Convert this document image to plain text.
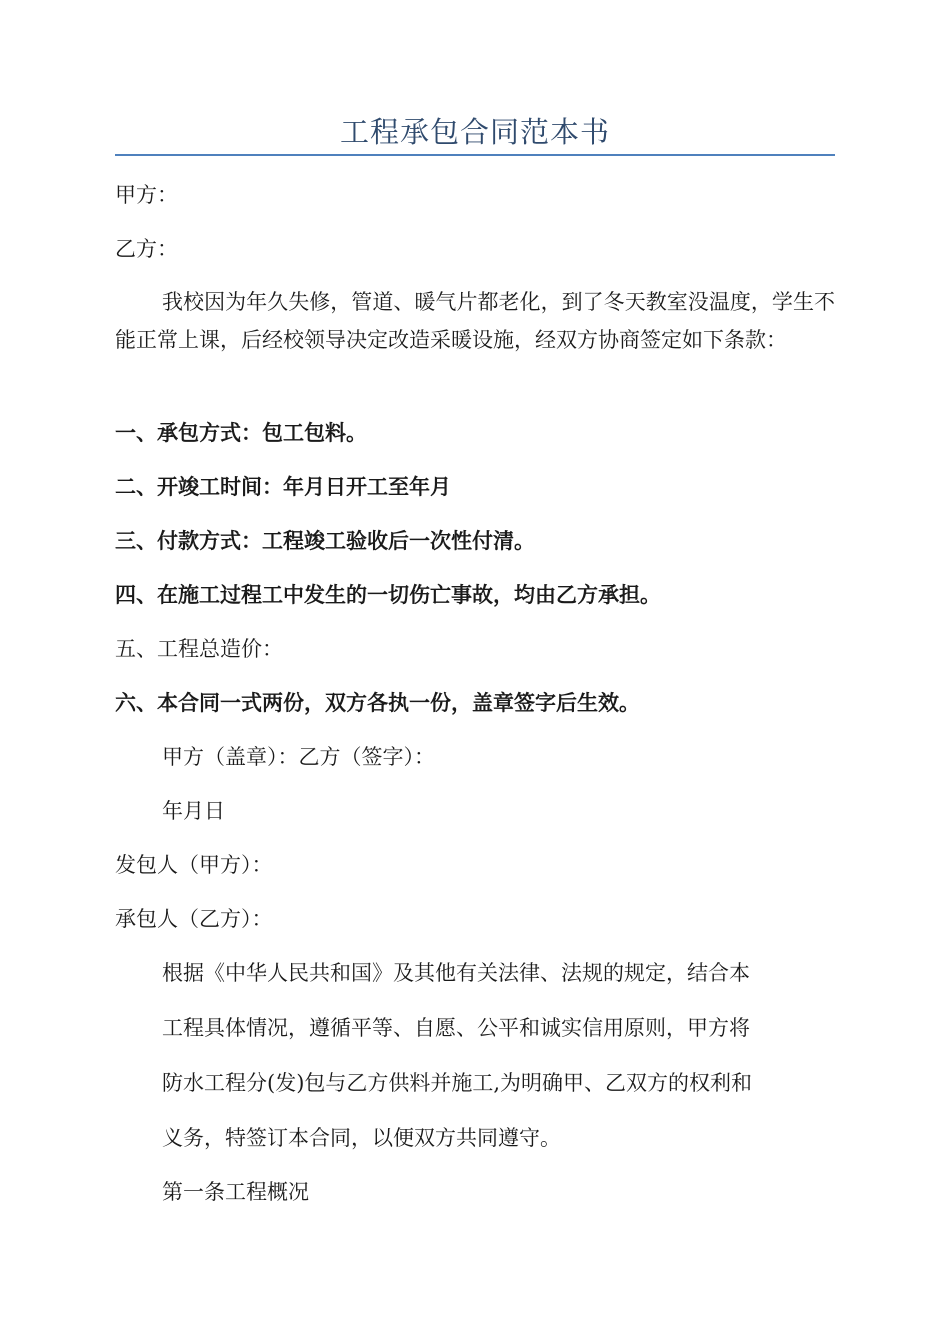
工程承包合同范本书
甲方：
乙方：
我校因为年久失修，管道、暖气片都老化，到了冬天教室没温度，学生不能正常上课，后经校领导决定改造采暖设施，经双方协商签定如下条款：
一、承包方式：包工包料。
二、开竣工时间：年月日开工至年月
三、付款方式：工程竣工验收后一次性付清。
四、在施工过程工中发生的一切伤亡事故，均由乙方承担。
五、工程总造价：
六、本合同一式两份，双方各执一份，盖章签字后生效。
甲方（盖章）：乙方（签字）：
年月日
发包人（甲方）：
承包人（乙方）：
根据《中华人民共和国》及其他有关法律、法规的规定，结合本
工程具体情况，遵循平等、自愿、公平和诚实信用原则，甲方将
防水工程分(发)包与乙方供料并施工,为明确甲、乙双方的权利和
义务，特签订本合同，以便双方共同遵守。
第一条工程概况
